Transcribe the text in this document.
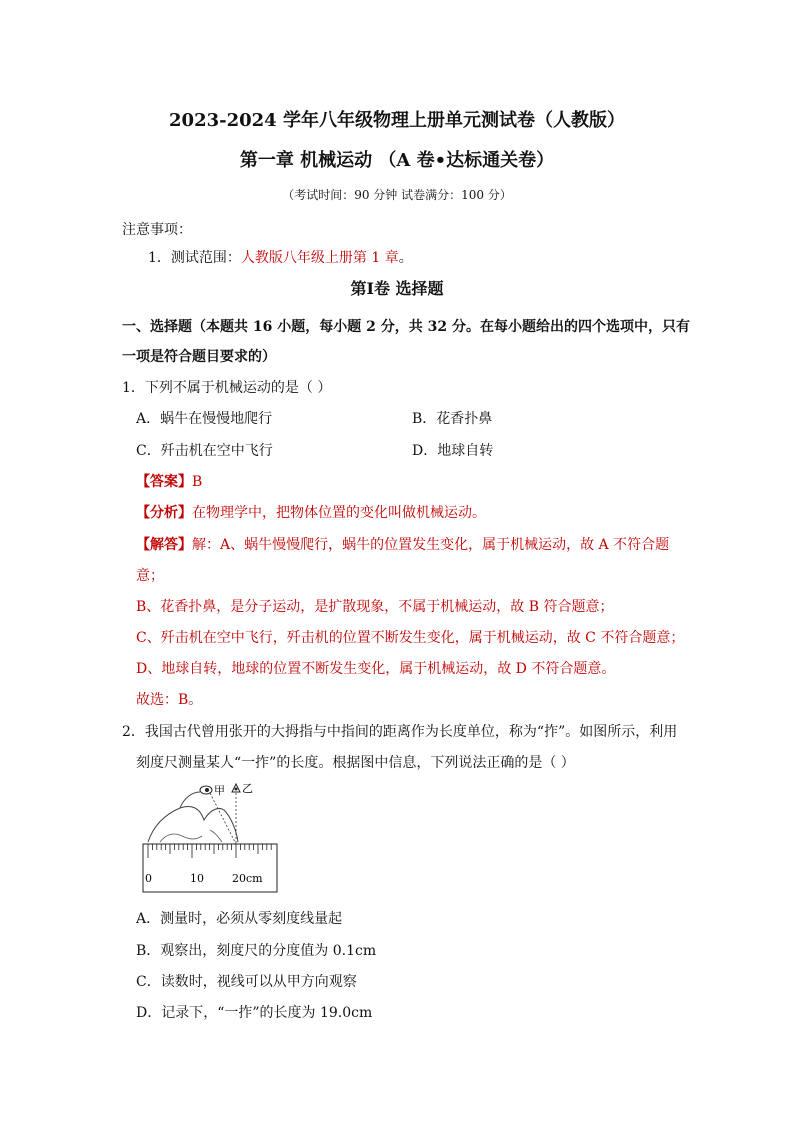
2023-2024 学年八年级物理上册单元测试卷（人教版）
第一章 机械运动 （A 卷•达标通关卷）
（考试时间：90 分钟 试卷满分：100 分）
注意事项：
1．测试范围：人教版八年级上册第 1 章。
第Ⅰ卷 选择题
一、选择题（本题共 16 小题，每小题 2 分，共 32 分。在每小题给出的四个选项中，只有
一项是符合题目要求的）
1．下列不属于机械运动的是（ ）
A．蜗牛在慢慢地爬行	B．花香扑鼻
C．歼击机在空中飞行	D．地球自转
【答案】B
【分析】在物理学中，把物体位置的变化叫做机械运动。
【解答】解：A、蜗牛慢慢爬行，蜗牛的位置发生变化，属于机械运动，故 A 不符合题
意；
B、花香扑鼻，是分子运动，是扩散现象，不属于机械运动，故 B 符合题意；
C、歼击机在空中飞行，歼击机的位置不断发生变化，属于机械运动，故 C 不符合题意；
D、地球自转，地球的位置不断发生变化，属于机械运动，故 D 不符合题意。
故选：B。
2．我国古代曾用张开的大拇指与中指间的距离作为长度单位，称为“拃”。如图所示，利用
刻度尺测量某人“一拃”的长度。根据图中信息，下列说法正确的是（ ）
甲 乙
0	10	20cm
A．测量时，必须从零刻度线量起
B．观察出，刻度尺的分度值为 0.1cm
C．读数时，视线可以从甲方向观察
D．记录下，“一拃”的长度为 19.0cm
